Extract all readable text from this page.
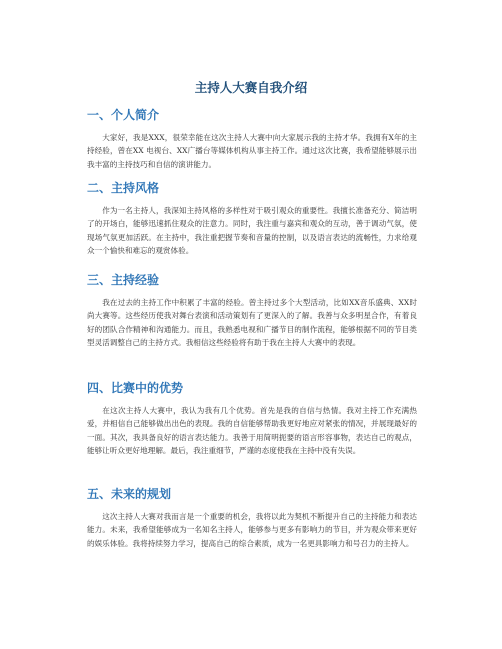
主持人大赛自我介绍
一、个人简介

大家好，我是XXX，很荣幸能在这次主持人大赛中向大家展示我的主持才华。我拥有X年的主持经验，曾在XX 电视台、XX广播台等媒体机构从事主持工作。通过这次比赛，我希望能够展示出我丰富的主持技巧和自信的演讲能力。

二、主持风格

作为一名主持人，我深知主持风格的多样性对于吸引观众的重要性。我擅长准备充分、简洁明了的开场白，能够迅速抓住观众的注意力。同时，我注重与嘉宾和观众的互动，善于调动气氛，使现场气氛更加活跃。在主持中，我注重把握节奏和音量的控制，以及语言表达的流畅性，力求给观众一个愉快和难忘的观赏体验。

三、主持经验

我在过去的主持工作中积累了丰富的经验。曾主持过多个大型活动，比如XX音乐盛典、XX时尚大赛等。这些经历使我对舞台表演和活动策划有了更深入的了解。我善与众多明星合作，有着良好的团队合作精神和沟通能力。而且，我熟悉电视和广播节目的制作流程，能够根据不同的节目类型灵活调整自己的主持方式。我相信这些经验将有助于我在主持人大赛中的表现。

四、比赛中的优势

在这次主持人大赛中，我认为我有几个优势。首先是我的自信与热情。我对主持工作充满热爱，并相信自己能够做出出色的表现。我的自信能够帮助我更好地应对紧张的情况，并展现最好的一面。其次，我具备良好的语言表达能力。我善于用简明扼要的语言形容事物，表达自己的观点，能够让听众更好地理解。最后，我注重细节，严谨的态度使我在主持中没有失误。

五、未来的规划

这次主持人大赛对我而言是一个重要的机会，我将以此为契机不断提升自己的主持能力和表达能力。未来，我希望能够成为一名知名主持人，能够参与更多有影响力的节目，并为观众带来更好的娱乐体验。我将持续努力学习，提高自己的综合素质，成为一名更具影响力和号召力的主持人。
